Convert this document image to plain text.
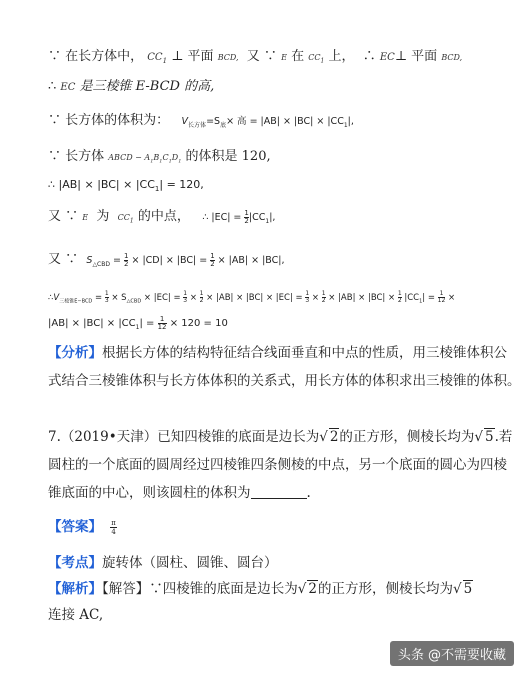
∵ 在长方体中， $CC_1$ ⊥ 平面 BCD, 又 ∵ E 在 $CC_1$ 上， ∴ EC⊥ 平面 BCD,
∴ EC 是三棱锥 E-BCD 的高,
∵ 长方体的体积为： $V_{长方体}=S_底\times$ 高 = $|AB| \times |BC| \times |CC_1|$,
∵ 长方体 ABCD − $A_1B_1C_1D_1$ 的体积是 120,
∴ $|AB| \times |BC| \times |CC_1| = 120$,
又 ∵ E 为 $CC_1$ 的中点， ∴ $|EC| = \frac{1}{2} |CC_1|$,
又 ∵ $S_{\triangle CBD} = \frac{1}{2} \times |CD| \times |BC| = \frac{1}{2} \times |AB| \times |BC|$,
$\therefore V_{三棱锥E-BCD} = \frac{1}{3} \times S_{\triangle CBD} \times |EC| = \frac{1}{3} \times \frac{1}{2} \times |AB| \times |BC| \times |EC| = \frac{1}{3} \times \frac{1}{2} \times |AB| \times |BC| \times \frac{1}{2} |CC_1| = \frac{1}{12}$ ×
$|AB| \times |BC| \times |CC_1| = \frac{1}{12} \times 120 = 10$
【分析】根据长方体的结构特征结合线面垂直和中点的性质，用三棱锥体积公
式结合三棱锥体积与长方体体积的关系式，用长方体的体积求出三棱锥的体积。
7.（2019•天津）已知四棱锥的底面是边长为√ 2的正方形，侧棱长均为√ 5.若
圆柱的一个底面的圆周经过四棱锥四条侧棱的中点，另一个底面的圆心为四棱
锥底面的中心，则该圆柱的体积为	.
【答案】 $\frac{\pi}{4}$
【考点】旋转体（圆柱、圆锥、圆台）
【解析】【解答】∵四棱锥的底面是边长为√ 2的正方形，侧棱长均为√ 5
连接 AC,
头条 @不需要收藏
